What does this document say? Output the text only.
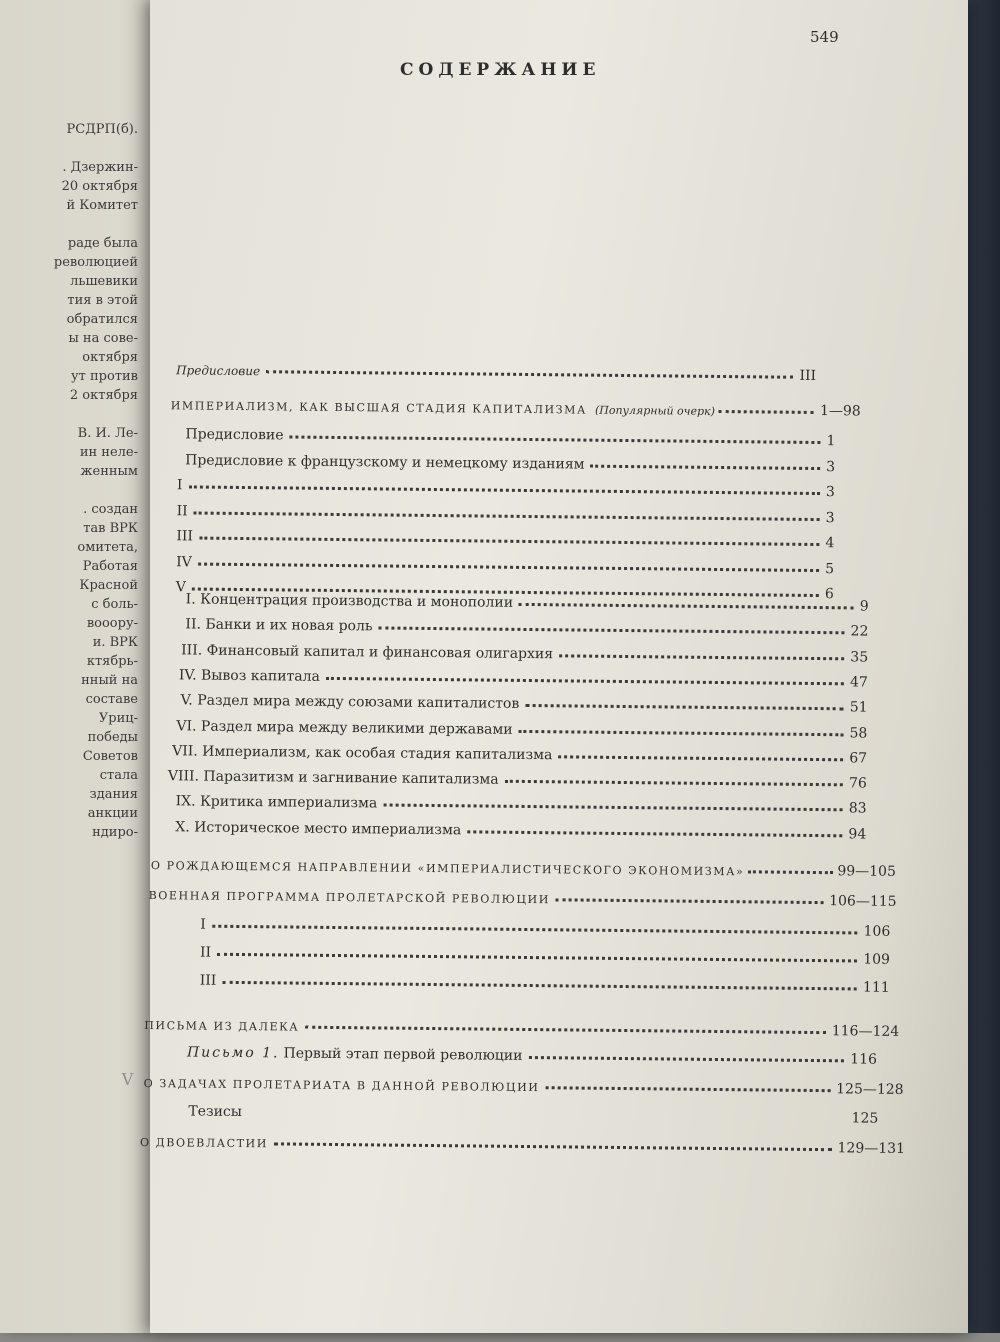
РСДРП(б).

. Дзержин-
20 октября
й Комитет

раде была
революцией
льшевики
тия в этой
обратился
ы на сове-
октября
ут против
2 октября

В. И. Ле-
ин неле-
женным

. создан
тав ВРК
омитета,
Работая
Красной
с боль-
вооору-
и. ВРК
ктябрь-
нный на
составе
Уриц-
победы
Советов
стала
здания
анкции
ндиро-
549
СОДЕРЖАНИЕ
Предисловие	III
ИМПЕРИАЛИЗМ, КАК ВЫСШАЯ СТАДИЯ КАПИТАЛИЗМА (Популярный очерк)	1—98
Предисловие	1
Предисловие к французскому и немецкому изданиям	3
I	3
II	3
III	4
IV	5
V	6
I. Концентрация производства и монополии	9
II. Банки и их новая роль	22
III. Финансовый капитал и финансовая олигархия	35
IV. Вывоз капитала	47
V. Раздел мира между союзами капиталистов	51
VI. Раздел мира между великими державами	58
VII. Империализм, как особая стадия капитализма	67
VIII. Паразитизм и загнивание капитализма	76
IX. Критика империализма	83
X. Историческое место империализма	94
О РОЖДАЮЩЕМСЯ НАПРАВЛЕНИИ «ИМПЕРИАЛИСТИЧЕСКОГО ЭКОНОМИЗМА»	99—105
ВОЕННАЯ ПРОГРАММА ПРОЛЕТАРСКОЙ РЕВОЛЮЦИИ	106—115
I	106
II	109
III	111
ПИСЬМА ИЗ ДАЛЕКА	116—124
Письмо 1. Первый этап первой революции	116
V О ЗАДАЧАХ ПРОЛЕТАРИАТА В ДАННОЙ РЕВОЛЮЦИИ	125—128
Тезисы	125
О ДВОЕВЛАСТИИ	129—131
